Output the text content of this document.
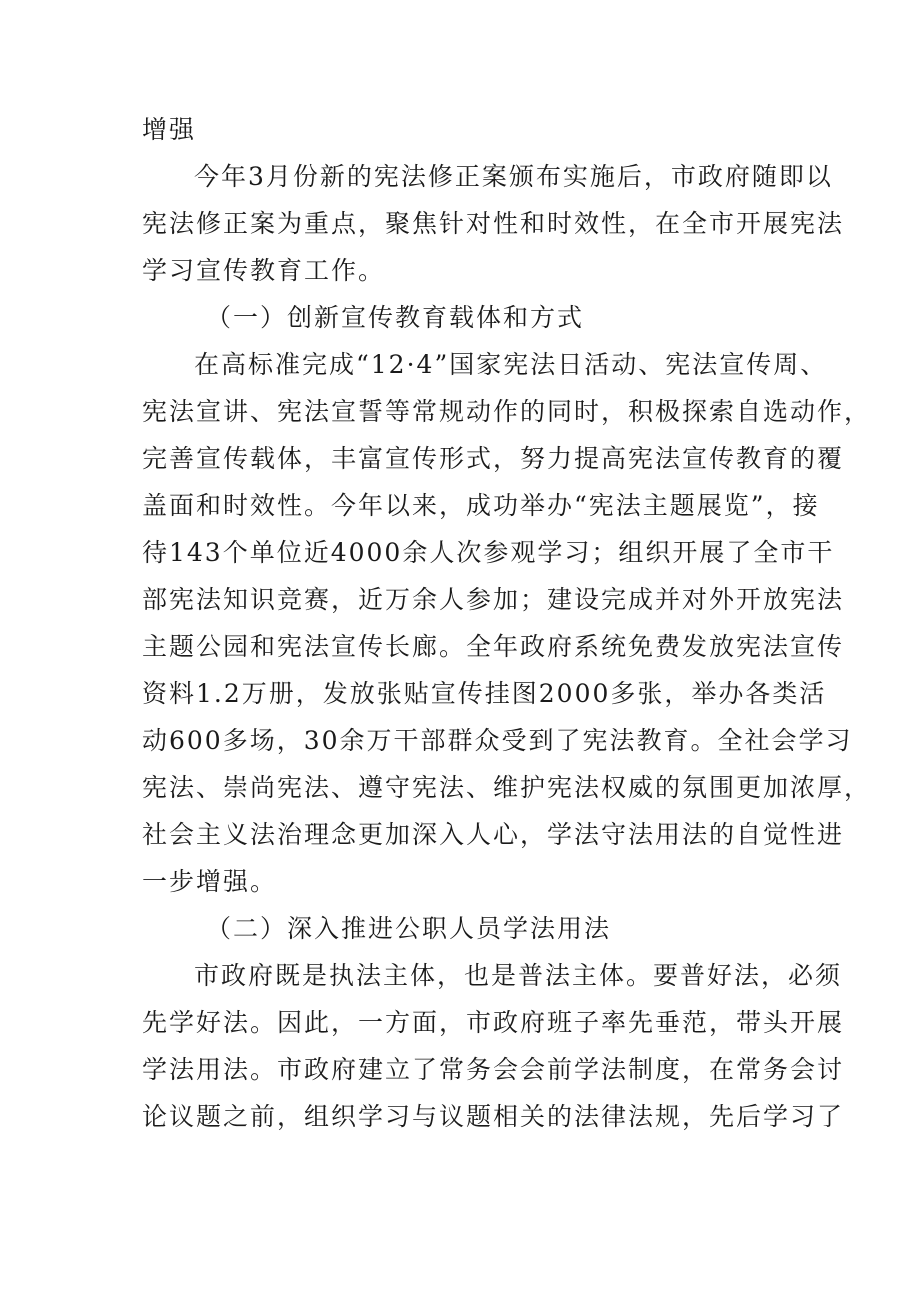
增强
今年3月份新的宪法修正案颁布实施后，市政府随即以
宪法修正案为重点，聚焦针对性和时效性，在全市开展宪法
学习宣传教育工作。
（一）创新宣传教育载体和方式
在高标准完成“12·4”国家宪法日活动、宪法宣传周、
宪法宣讲、宪法宣誓等常规动作的同时，积极探索自选动作，
完善宣传载体，丰富宣传形式，努力提高宪法宣传教育的覆
盖面和时效性。今年以来，成功举办“宪法主题展览”，接
待143个单位近4000余人次参观学习；组织开展了全市干
部宪法知识竞赛，近万余人参加；建设完成并对外开放宪法
主题公园和宪法宣传长廊。全年政府系统免费发放宪法宣传
资料1.2万册，发放张贴宣传挂图2000多张，举办各类活
动600多场，30余万干部群众受到了宪法教育。全社会学习
宪法、崇尚宪法、遵守宪法、维护宪法权威的氛围更加浓厚，
社会主义法治理念更加深入人心，学法守法用法的自觉性进
一步增强。
（二）深入推进公职人员学法用法
市政府既是执法主体，也是普法主体。要普好法，必须
先学好法。因此，一方面，市政府班子率先垂范，带头开展
学法用法。市政府建立了常务会会前学法制度，在常务会讨
论议题之前，组织学习与议题相关的法律法规，先后学习了
